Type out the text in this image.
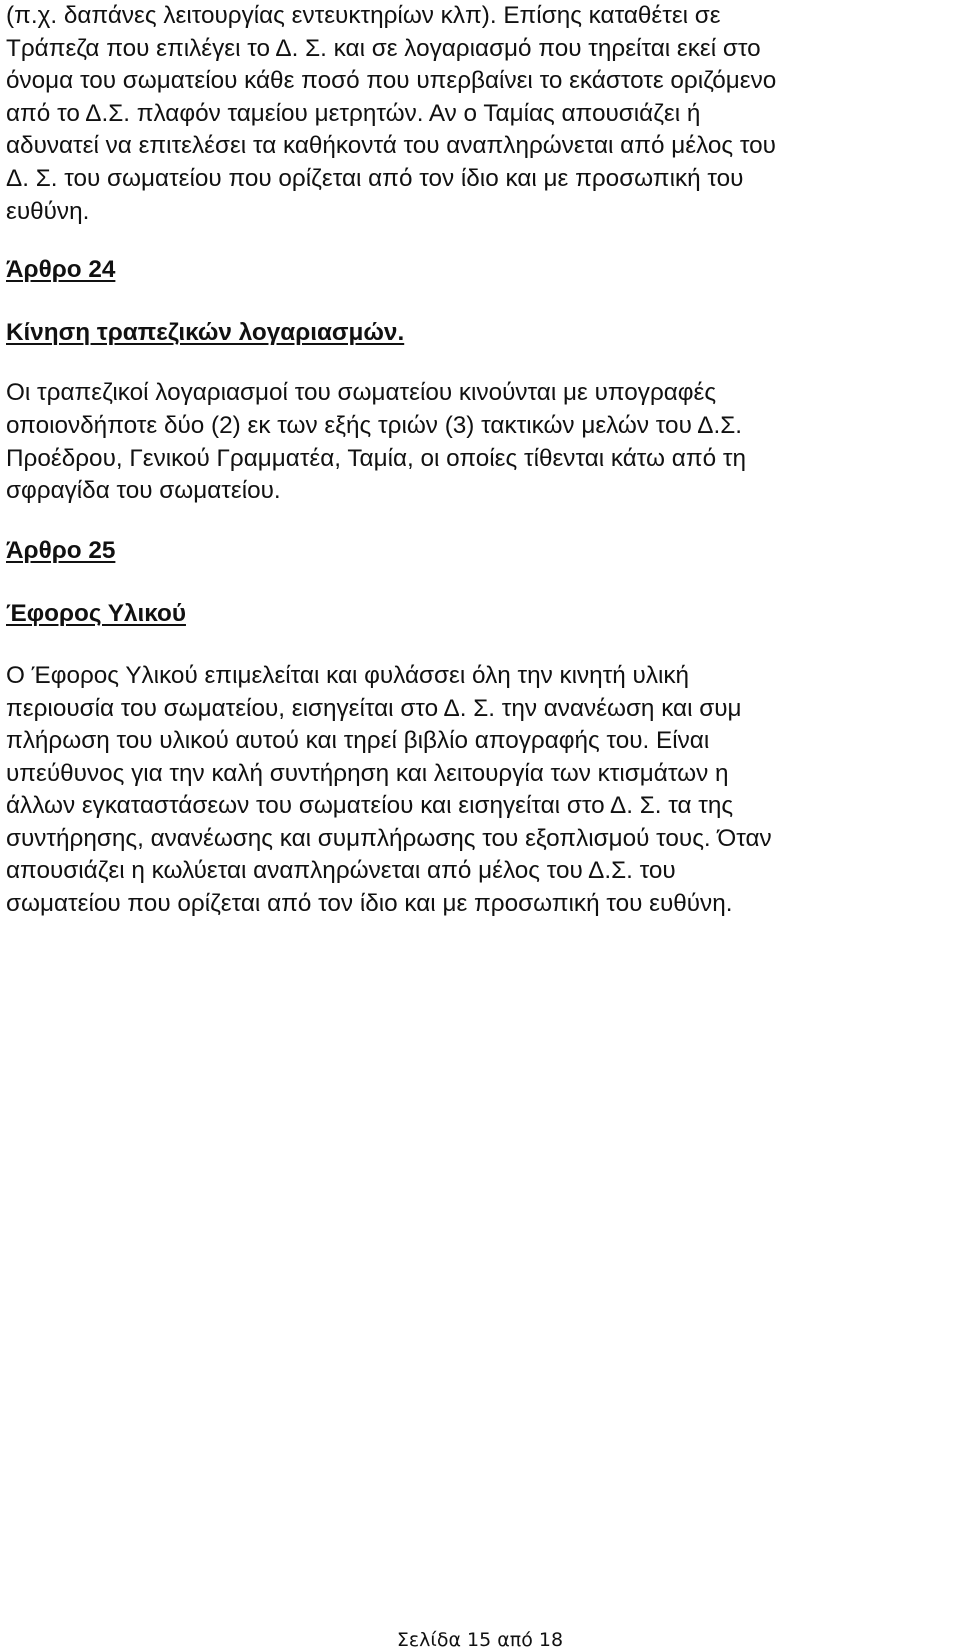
(π.χ. δαπάνες λειτουργίας εντευκτηρίων κλπ). Επίσης καταθέτει σε
Τράπεζα που επιλέγει το Δ. Σ. και σε λογαριασμό που τηρείται εκεί στο
όνομα του σωματείου κάθε ποσό που υπερβαίνει το εκάστοτε οριζόμενο
από το Δ.Σ. πλαφόν ταμείου μετρητών. Αν ο Ταμίας απουσιάζει ή
αδυνατεί να επιτελέσει τα καθήκοντά του αναπληρώνεται από μέλος του
Δ. Σ. του σωματείου που ορίζεται από τον ίδιο και με προσωπική του
ευθύνη.

Άρθρο 24
Κίνηση τραπεζικών λογαριασμών.

Οι τραπεζικοί λογαριασμοί του σωματείου κινούνται με υπογραφές
οποιονδήποτε δύο (2) εκ των εξής τριών (3) τακτικών μελών του Δ.Σ.
Προέδρου, Γενικού Γραμματέα, Ταμία, οι οποίες τίθενται κάτω από τη
σφραγίδα του σωματείου.

Άρθρο 25
Έφορος Υλικού

Ο Έφορος Υλικού επιμελείται και φυλάσσει όλη την κινητή υλική
περιουσία του σωματείου, εισηγείται στο Δ. Σ. την ανανέωση και συμ
πλήρωση του υλικού αυτού και τηρεί βιβλίο απογραφής του. Είναι
υπεύθυνος για την καλή συντήρηση και λειτουργία των κτισμάτων η
άλλων εγκαταστάσεων του σωματείου και εισηγείται στο Δ. Σ. τα της
συντήρησης, ανανέωσης και συμπλήρωσης του εξοπλισμού τους. Όταν
απουσιάζει η κωλύεται αναπληρώνεται από μέλος του Δ.Σ. του
σωματείου που ορίζεται από τον ίδιο και με προσωπική του ευθύνη.

Σελίδα 15 από 18
